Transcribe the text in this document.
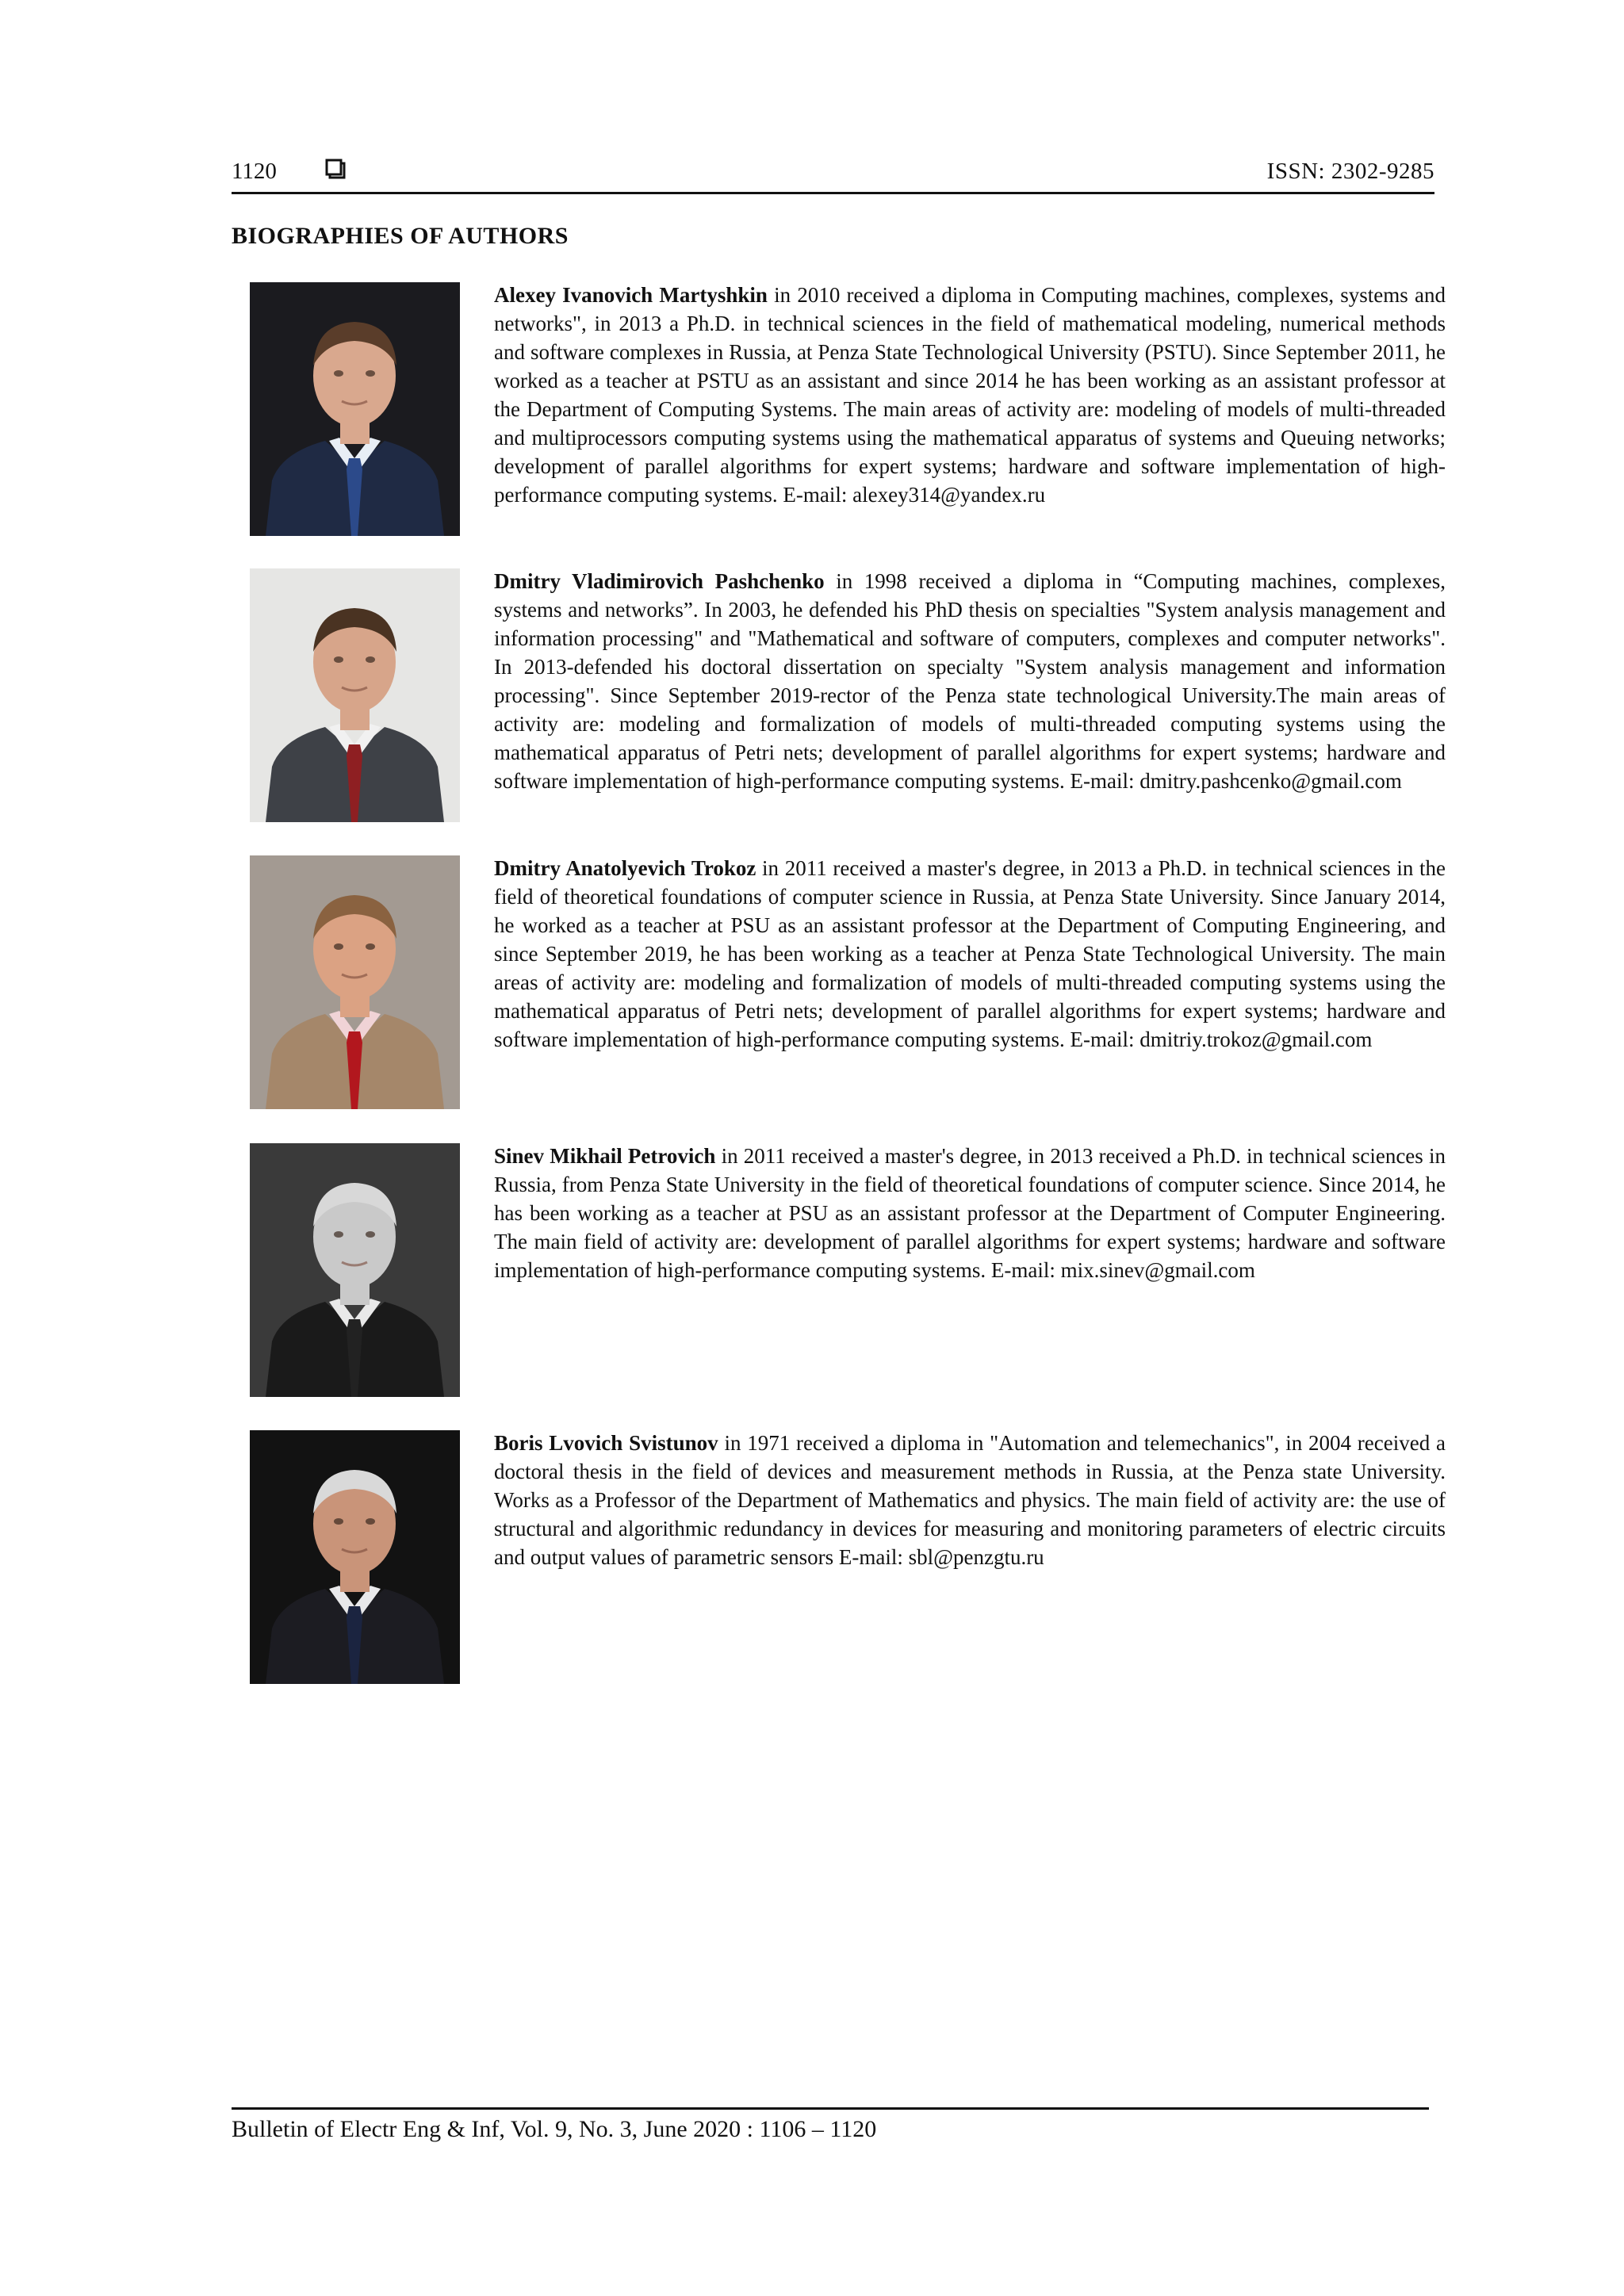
1120	ISSN: 2302-9285
BIOGRAPHIES OF AUTHORS

Alexey Ivanovich Martyshkin in 2010 received a diploma in Computing machines, complexes, systems and networks", in 2013 a Ph.D. in technical sciences in the field of mathematical modeling, numerical methods and software complexes in Russia, at Penza State Technological University (PSTU). Since September 2011, he worked as a teacher at PSTU as an assistant and since 2014 he has been working as an assistant professor at the Department of Computing Systems. The main areas of activity are: modeling of models of multi-threaded and multiprocessors computing systems using the mathematical apparatus of systems and Queuing networks; development of parallel algorithms for expert systems; hardware and software implementation of high-performance computing systems. E-mail: alexey314@yandex.ru

Dmitry Vladimirovich Pashchenko in 1998 received a diploma in “Computing machines, complexes, systems and networks”. In 2003, he defended his PhD thesis on specialties "System analysis management and information processing" and "Mathematical and software of computers, complexes and computer networks". In 2013-defended his doctoral dissertation on specialty "System analysis management and information processing". Since September 2019-rector of the Penza state technological University.The main areas of activity are: modeling and formalization of models of multi-threaded computing systems using the mathematical apparatus of Petri nets; development of parallel algorithms for expert systems; hardware and software implementation of high-performance computing systems. E-mail: dmitry.pashcenko@gmail.com

Dmitry Anatolyevich Trokoz in 2011 received a master's degree, in 2013 a Ph.D. in technical sciences in the field of theoretical foundations of computer science in Russia, at Penza State University. Since January 2014, he worked as a teacher at PSU as an assistant professor at the Department of Computing Engineering, and since September 2019, he has been working as a teacher at Penza State Technological University. The main areas of activity are: modeling and formalization of models of multi-threaded computing systems using the mathematical apparatus of Petri nets; development of parallel algorithms for expert systems; hardware and software implementation of high-performance computing systems. E-mail: dmitriy.trokoz@gmail.com

Sinev Mikhail Petrovich in 2011 received a master's degree, in 2013 received a Ph.D. in technical sciences in Russia, from Penza State University in the field of theoretical foundations of computer science. Since 2014, he has been working as a teacher at PSU as an assistant professor at the Department of Computer Engineering. The main field of activity are: development of parallel algorithms for expert systems; hardware and software implementation of high-performance computing systems. E-mail: mix.sinev@gmail.com

Boris Lvovich Svistunov in 1971 received a diploma in "Automation and telemechanics", in 2004 received a doctoral thesis in the field of devices and measurement methods in Russia, at the Penza state University. Works as a Professor of the Department of Mathematics and physics. The main field of activity are: the use of structural and algorithmic redundancy in devices for measuring and monitoring parameters of electric circuits and output values of parametric sensors E-mail: sbl@penzgtu.ru

Bulletin of Electr Eng & Inf, Vol. 9, No. 3, June 2020 : 1106 – 1120
